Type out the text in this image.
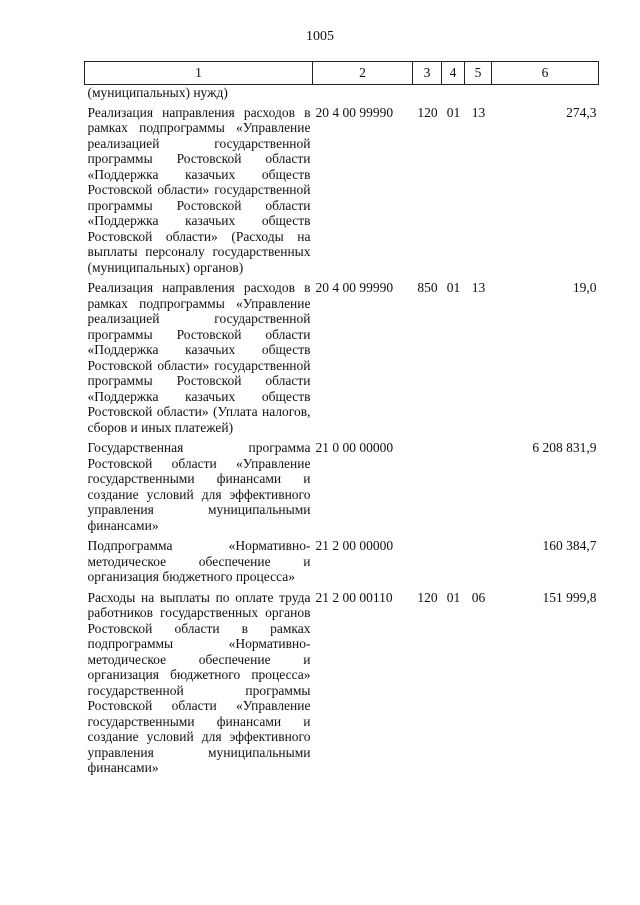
1005
1	2	3	4	5	6
(муниципальных) нужд)					
Реализация направления расходов в рамках подпрограммы «Управление реализацией государственной программы Ростовской области «Поддержка казачьих обществ Ростовской области» государственной программы Ростовской области «Поддержка казачьих обществ Ростовской области» (Расходы на выплаты персоналу государственных (муниципальных) органов)	20 4 00 99990	120	01	13	274,3
Реализация направления расходов в рамках подпрограммы «Управление реализацией государственной программы Ростовской области «Поддержка казачьих обществ Ростовской области» государственной программы Ростовской области «Поддержка казачьих обществ Ростовской области» (Уплата налогов, сборов и иных платежей)	20 4 00 99990	850	01	13	19,0
Государственная программа Ростовской области «Управление государственными финансами и создание условий для эффективного управления муниципальными финансами»	21 0 00 00000				6 208 831,9
Подпрограмма «Нормативно-методическое обеспечение и организация бюджетного процесса»	21 2 00 00000				160 384,7
Расходы на выплаты по оплате труда работников государственных органов Ростовской области в рамках подпрограммы «Нормативно-методическое обеспечение и организация бюджетного процесса» государственной программы Ростовской области «Управление государственными финансами и создание условий для эффективного управления муниципальными финансами»	21 2 00 00110	120	01	06	151 999,8
